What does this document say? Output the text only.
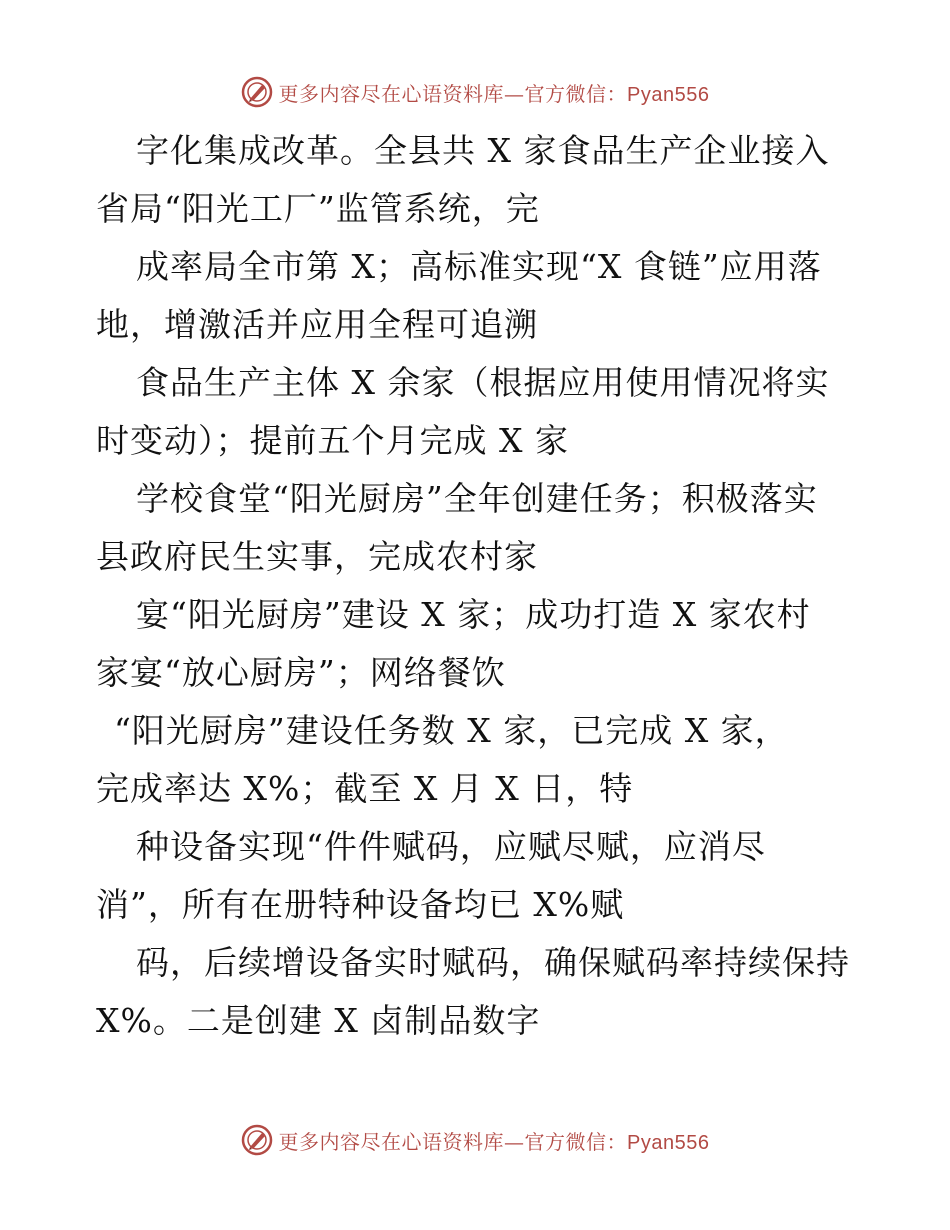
更多内容尽在心语资料库—官方微信：Pyan556
字化集成改革。全县共 X 家食品生产企业接入
省局“阳光工厂”监管系统，完
成率局全市第 X；高标准实现“X 食链”应用落
地，增激活并应用全程可追溯
食品生产主体 X 余家（根据应用使用情况将实
时变动）；提前五个月完成 X 家
学校食堂“阳光厨房”全年创建任务；积极落实
县政府民生实事，完成农村家
宴“阳光厨房”建设 X 家；成功打造 X 家农村
家宴“放心厨房”；网络餐饮
“阳光厨房”建设任务数 X 家，已完成 X 家，
完成率达 X%；截至 X 月 X 日，特
种设备实现“件件赋码，应赋尽赋，应消尽
消”，所有在册特种设备均已 X%赋
码，后续增设备实时赋码，确保赋码率持续保持
X%。二是创建 X 卤制品数字
更多内容尽在心语资料库—官方微信：Pyan556
